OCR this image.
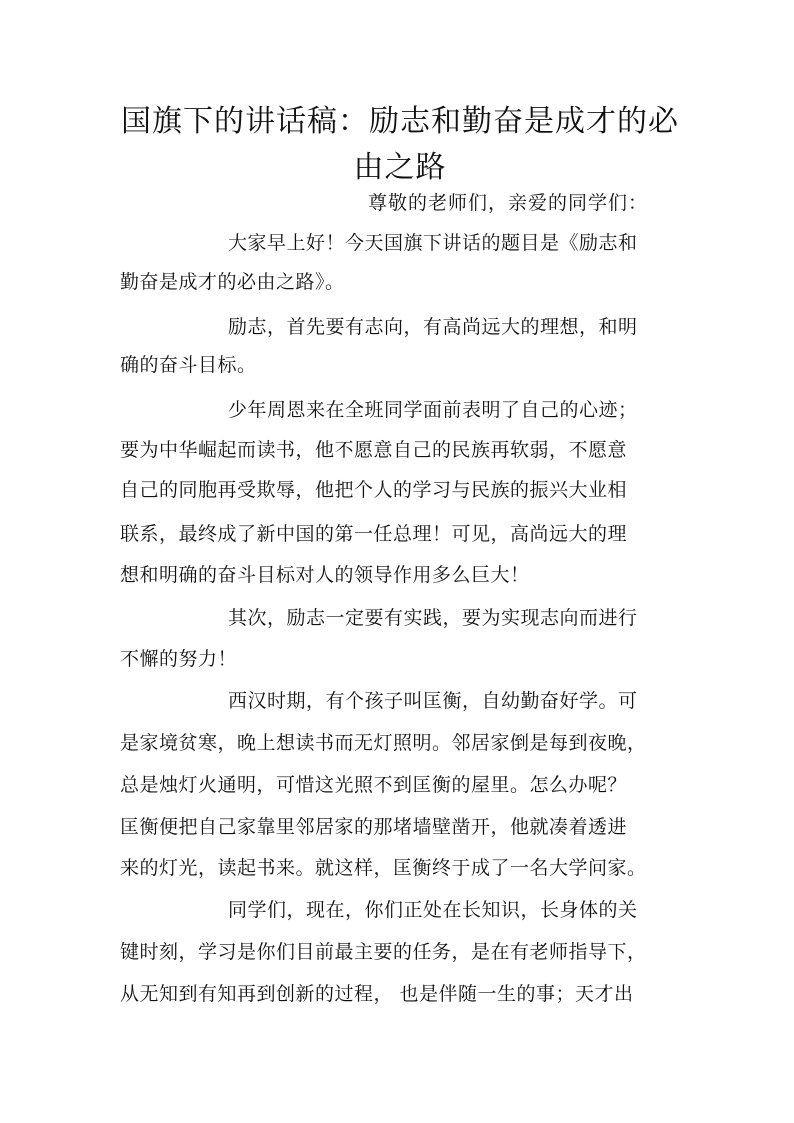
国旗下的讲话稿：励志和勤奋是成才的必
由之路
尊敬的老师们，亲爱的同学们：
大家早上好！今天国旗下讲话的题目是《励志和
勤奋是成才的必由之路》。
励志，首先要有志向，有高尚远大的理想，和明
确的奋斗目标。
少年周恩来在全班同学面前表明了自己的心迹；
要为中华崛起而读书，他不愿意自己的民族再软弱，不愿意
自己的同胞再受欺辱，他把个人的学习与民族的振兴大业相
联系，最终成了新中国的第一任总理！可见，高尚远大的理
想和明确的奋斗目标对人的领导作用多么巨大！
其次，励志一定要有实践，要为实现志向而进行
不懈的努力！
西汉时期，有个孩子叫匡衡，自幼勤奋好学。可
是家境贫寒，晚上想读书而无灯照明。邻居家倒是每到夜晚，
总是烛灯火通明，可惜这光照不到匡衡的屋里。怎么办呢？
匡衡便把自己家靠里邻居家的那堵墙壁凿开，他就凑着透进
来的灯光，读起书来。就这样，匡衡终于成了一名大学问家。
同学们，现在，你们正处在长知识，长身体的关
键时刻，学习是你们目前最主要的任务，是在有老师指导下，
从无知到有知再到创新的过程， 也是伴随一生的事；天才出
